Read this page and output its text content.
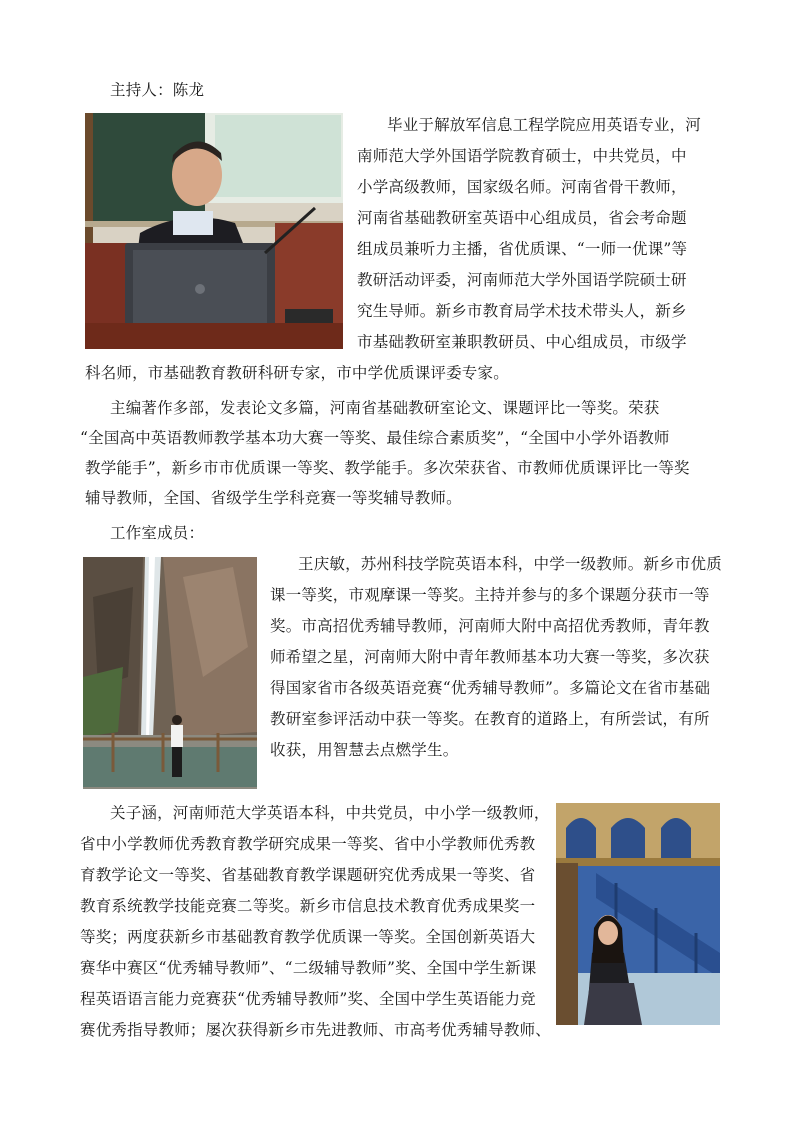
主持人：陈龙
毕业于解放军信息工程学院应用英语专业，河
南师范大学外国语学院教育硕士，中共党员，中
小学高级教师，国家级名师。河南省骨干教师，
河南省基础教研室英语中心组成员，省会考命题
组成员兼听力主播，省优质课、“一师一优课”等
教研活动评委，河南师范大学外国语学院硕士研
究生导师。新乡市教育局学术技术带头人，新乡
市基础教研室兼职教研员、中心组成员，市级学
科名师，市基础教育教研科研专家，市中学优质课评委专家。
主编著作多部，发表论文多篇，河南省基础教研室论文、课题评比一等奖。荣获
“全国高中英语教师教学基本功大赛一等奖、最佳综合素质奖”，“全国中小学外语教师
教学能手”，新乡市市优质课一等奖、教学能手。多次荣获省、市教师优质课评比一等奖
辅导教师，全国、省级学生学科竞赛一等奖辅导教师。
工作室成员：
王庆敏，苏州科技学院英语本科，中学一级教师。新乡市优质
课一等奖，市观摩课一等奖。主持并参与的多个课题分获市一等
奖。市高招优秀辅导教师，河南师大附中高招优秀教师，青年教
师希望之星，河南师大附中青年教师基本功大赛一等奖，多次获
得国家省市各级英语竞赛“优秀辅导教师”。多篇论文在省市基础
教研室参评活动中获一等奖。在教育的道路上，有所尝试，有所
收获，用智慧去点燃学生。
关子涵，河南师范大学英语本科，中共党员，中小学一级教师，
省中小学教师优秀教育教学研究成果一等奖、省中小学教师优秀教
育教学论文一等奖、省基础教育教学课题研究优秀成果一等奖、省
教育系统教学技能竞赛二等奖。新乡市信息技术教育优秀成果奖一
等奖；两度获新乡市基础教育教学优质课一等奖。全国创新英语大
赛华中赛区“优秀辅导教师”、“二级辅导教师”奖、全国中学生新课
程英语语言能力竞赛获“优秀辅导教师”奖、全国中学生英语能力竞
赛优秀指导教师；屡次获得新乡市先进教师、市高考优秀辅导教师、
